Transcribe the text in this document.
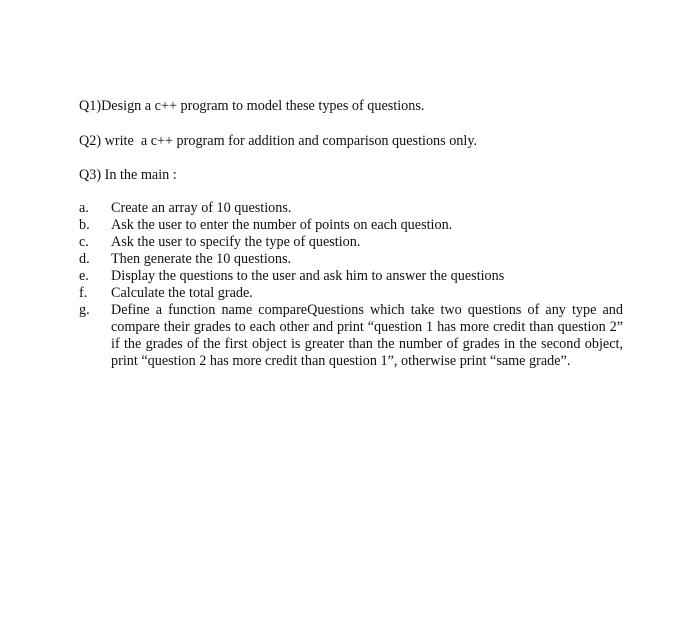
Q1)Design a c++ program to model these types of questions.

Q2) write  a c++ program for addition and comparison questions only.

Q3) In the main :

a. Create an array of 10 questions.
b. Ask the user to enter the number of points on each question.
c. Ask the user to specify the type of question.
d. Then generate the 10 questions.
e. Display the questions to the user and ask him to answer the questions
f. Calculate the total grade.
g. Define a function name compareQuestions which take two questions of any type and compare their grades to each other and print “question 1 has more credit than question 2” if the grades of the first object is greater than the number of grades in the second object, print “question 2 has more credit than question 1”, otherwise print “same grade”.
